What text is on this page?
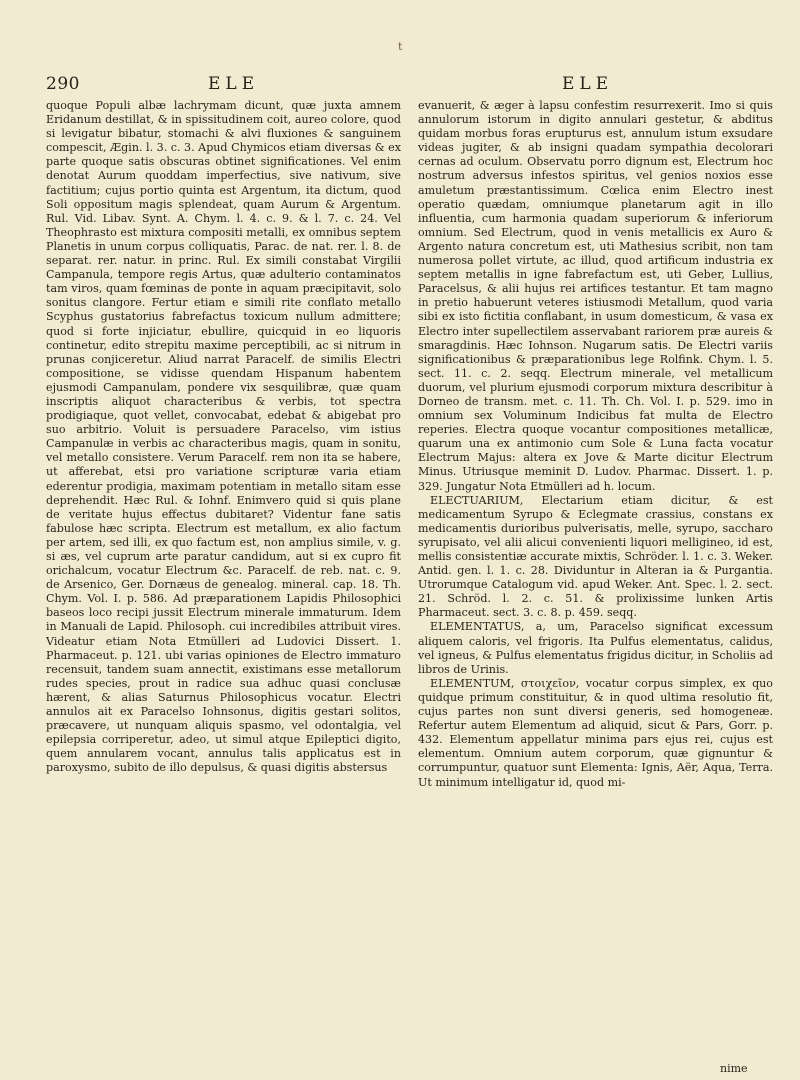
t
290	ELE	ELE

quoque Populi albæ lachrymam dicunt, quæ juxta amnem Eridanum destillat, & in spissitudinem coit, aureo colore, quod si levigatur bibatur, stomachi & alvi fluxiones & sanguinem compescit, Ægin. l. 3. c. 3. Apud Chymicos etiam diversas & ex parte quoque satis obscuras obtinet significationes. Vel enim denotat Aurum quoddam imperfectius, sive nativum, sive factitium; cujus portio quinta est Argentum, ita dictum, quod Soli oppositum magis splendeat, quam Aurum & Argentum. Rul. Vid. Libav. Synt. A. Chym. l. 4. c. 9. & l. 7. c. 24. Vel Theophrasto est mixtura compositi metalli, ex omnibus septem Planetis in unum corpus colliquatis, Parac. de nat. rer. l. 8. de separat. rer. natur. in princ. Rul. Ex simili constabat Virgilii Campanula, tempore regis Artus, quæ adulterio contaminatos tam viros, quam fœminas de ponte in aquam præcipitavit, solo sonitus clangore. Fertur etiam e simili rite conflato metallo Scyphus gustatorius fabrefactus toxicum nullum admittere; quod si forte injiciatur, ebullire, quicquid in eo liquoris continetur, edito strepitu maxime perceptibili, ac si nitrum in prunas conjiceretur. Aliud narrat Paracelf. de similis Electri compositione, se vidisse quendam Hispanum habentem ejusmodi Campanulam, pondere vix sesquilibræ, quæ quam inscriptis aliquot characteribus & verbis, tot spectra prodigiaque, quot vellet, convocabat, edebat & abigebat pro suo arbitrio. Voluit is persuadere Paracelso, vim istius Campanulæ in verbis ac characteribus magis, quam in sonitu, vel metallo consistere. Verum Paracelf. rem non ita se habere, ut afferebat, etsi pro variatione scripturæ varia etiam ederentur prodigia, maximam potentiam in metallo sitam esse deprehendit. Hæc Rul. & Iohnf. Enimvero quid si quis plane de veritate hujus effectus dubitaret? Videntur fane satis fabulose hæc scripta. Electrum est metallum, ex alio factum per artem, sed illi, ex quo factum est, non amplius simile, v. g. si æs, vel cuprum arte paratur candidum, aut si ex cupro fit orichalcum, vocatur Electrum &c. Paracelf. de reb. nat. c. 9. de Arsenico, Ger. Dornæus de genealog. mineral. cap. 18. Th. Chym. Vol. I. p. 586. Ad præparationem Lapidis Philosophici baseos loco recipi jussit Electrum minerale immaturum. Idem in Manuali de Lapid. Philosoph. cui incredibiles attribuit vires. Videatur etiam Nota Etmülleri ad Ludovici Dissert. 1. Pharmaceut. p. 121. ubi varias opiniones de Electro immaturo recensuit, tandem suam annectit, existimans esse metallorum rudes species, prout in radice sua adhuc quasi conclusæ hærent, & alias Saturnus Philosophicus vocatur. Electri annulos ait ex Paracelso Iohnsonus, digitis gestari solitos, præcavere, ut nunquam aliquis spasmo, vel odontalgia, vel epilepsia corriperetur, adeo, ut simul atque Epileptici digito, quem annularem vocant, annulus talis applicatus est in paroxysmo, subito de illo depulsus, & quasi digitis abstersus

evanuerit, & æger à lapsu confestim resurrexerit. Imo si quis annulorum istorum in digito annulari gestetur, & abditus quidam morbus foras erupturus est, annulum istum exsudare videas jugiter, & ab insigni quadam sympathia decolorari cernas ad oculum. Observatu porro dignum est, Electrum hoc nostrum adversus infestos spiritus, vel genios noxios esse amuletum præstantissimum. Cœlica enim Electro inest operatio quædam, omniumque planetarum agit in illo influentia, cum harmonia quadam superiorum & inferiorum omnium. Sed Electrum, quod in venis metallicis ex Auro & Argento natura concretum est, uti Mathesius scribit, non tam numerosa pollet virtute, ac illud, quod artificum industria ex septem metallis in igne fabrefactum est, uti Geber, Lullius, Paracelsus, & alii hujus rei artifices testantur. Et tam magno in pretio habuerunt veteres istiusmodi Metallum, quod varia sibi ex isto fictitia conflabant, in usum domesticum, & vasa ex Electro inter supellectilem asservabant rariorem præ aureis & smaragdinis. Hæc Iohnson. Nugarum satis. De Electri variis significationibus & præparationibus lege Rolfink. Chym. l. 5. sect. 11. c. 2. seqq. Electrum minerale, vel metallicum duorum, vel plurium ejusmodi corporum mixtura describitur à Dorneo de transm. met. c. 11. Th. Ch. Vol. I. p. 529. imo in omnium sex Voluminum Indicibus fat multa de Electro reperies. Electra quoque vocantur compositiones metallicæ, quarum una ex antimonio cum Sole & Luna facta vocatur Electrum Majus: altera ex Jove & Marte dicitur Electrum Minus. Utriusque meminit D. Ludov. Pharmac. Dissert. 1. p. 329. Jungatur Nota Etmülleri ad h. locum.

ELECTUARIUM, Electarium etiam dicitur, & est medicamentum Syrupo & Eclegmate crassius, constans ex medicamentis durioribus pulverisatis, melle, syrupo, saccharo syrupisato, vel alii alicui convenienti liquori melligineo, id est, mellis consistentiæ accurate mixtis, Schröder. l. 1. c. 3. Weker. Antid. gen. l. 1. c. 28. Dividuntur in Alteran ia & Purgantia. Utrorumque Catalogum vid. apud Weker. Ant. Spec. l. 2. sect. 21. Schröd. l. 2. c. 51. & prolixissime lunken Artis Pharmaceut. sect. 3. c. 8. p. 459. seqq.

ELEMENTATUS, a, um, Paracelso significat excessum aliquem caloris, vel frigoris. Ita Pulfus elementatus, calidus, vel igneus, & Pulfus elementatus frigidus dicitur, in Scholiis ad libros de Urinis.

ELEMENTUM, στοιχεῖον, vocatur corpus simplex, ex quo quidque primum constituitur, & in quod ultima resolutio fit, cujus partes non sunt diversi generis, sed homogeneæ. Refertur autem Elementum ad aliquid, sicut & Pars, Gorr. p. 432. Elementum appellatur minima pars ejus rei, cujus est elementum. Omnium autem corporum, quæ gignuntur & corrumpuntur, quatuor sunt Elementa: Ignis, Aër, Aqua, Terra. Ut minimum intelligatur id, quod mi-

nime
